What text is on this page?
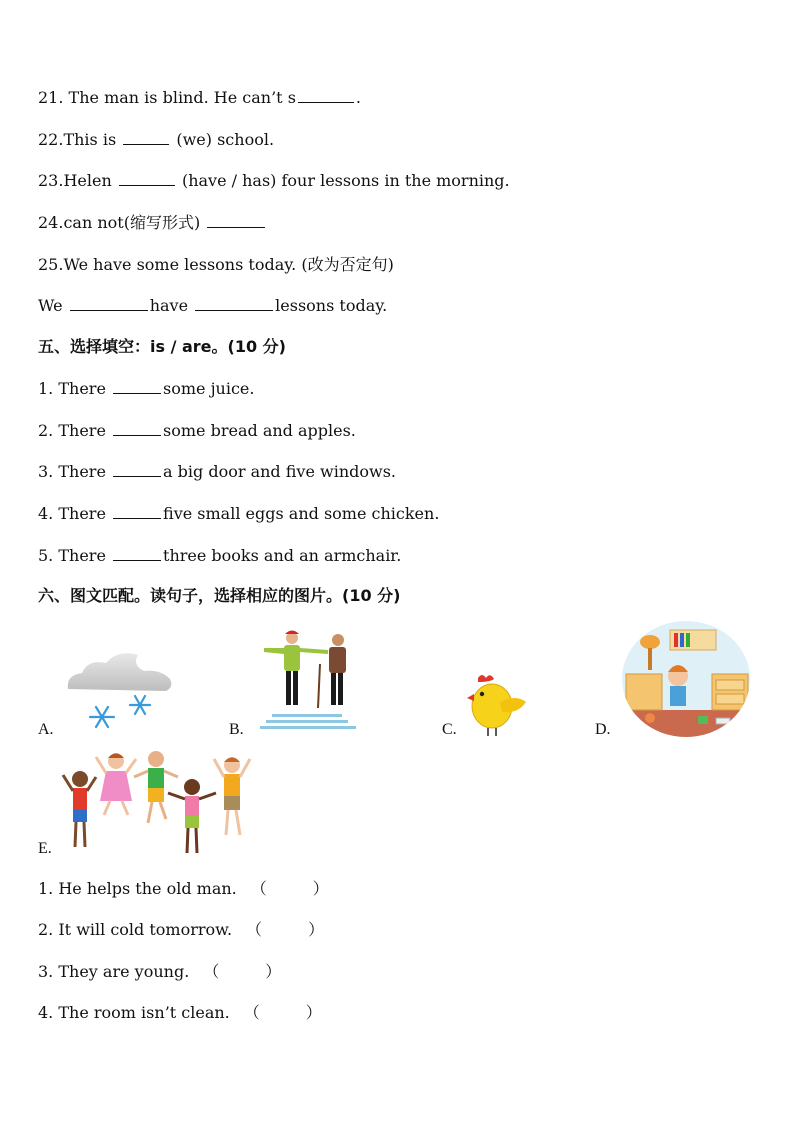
21. The man is blind. He can’t s	.
22.This is	(we) school.
23.Helen	(have / has) four lessons in the morning.
24.can not(缩写形式)
25.We have some lessons today. (改为否定句)
We	have	lessons today.
五、选择填空：is / are。(10 分)
1. There	some juice.
2. There	some bread and apples.
3. There	a big door and five windows.
4. There	five small eggs and some chicken.
5. There	three books and an armchair.
六、图文匹配。读句子，选择相应的图片。(10 分)
A.	B.	C.	D.
E.
1. He helps the old man. （	）
2. It will cold tomorrow. （	）
3. They are young. （	）
4. The room isn’t clean. （	）
